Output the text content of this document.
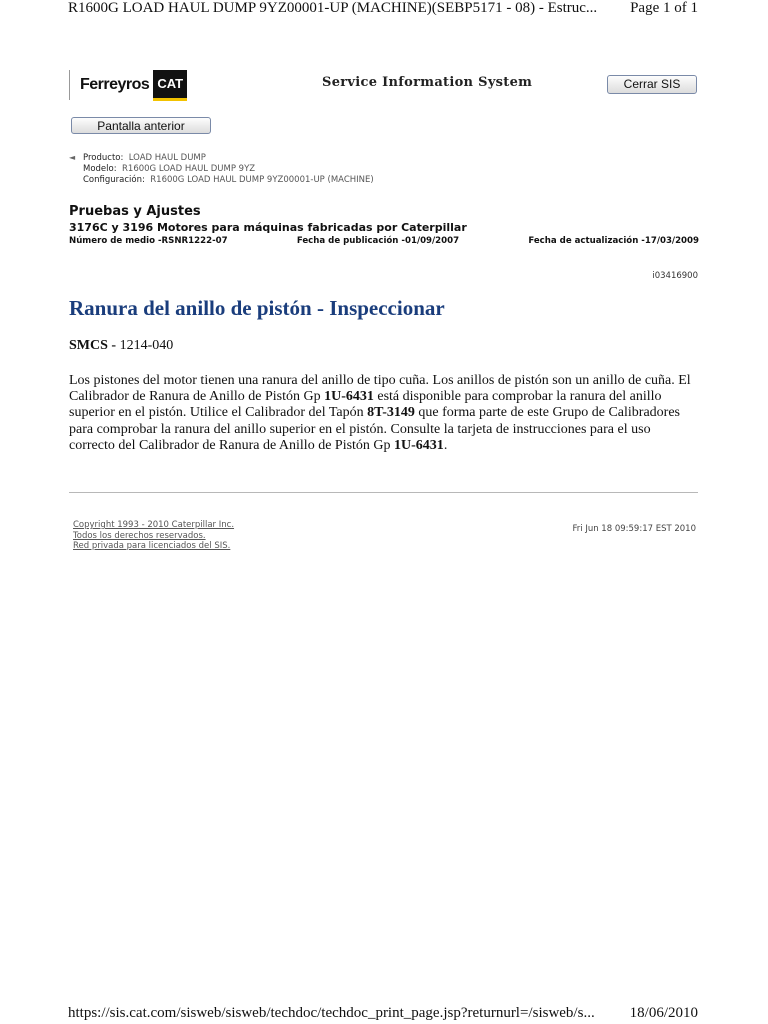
R1600G LOAD HAUL DUMP 9YZ00001-UP (MACHINE)(SEBP5171 - 08) - Estruc... Page 1 of 1
Ferreyros CAT	Service Information System	Cerrar SIS
Pantalla anterior
◄ Producto: LOAD HAUL DUMP
Modelo: R1600G LOAD HAUL DUMP 9YZ
Configuración: R1600G LOAD HAUL DUMP 9YZ00001-UP (MACHINE)
Pruebas y Ajustes
3176C y 3196 Motores para máquinas fabricadas por Caterpillar
Número de medio -RSNR1222-07	Fecha de publicación -01/09/2007	Fecha de actualización -17/03/2009
i03416900
Ranura del anillo de pistón - Inspeccionar
SMCS - 1214-040
Los pistones del motor tienen una ranura del anillo de tipo cuña. Los anillos de pistón son un anillo de cuña. El Calibrador de Ranura de Anillo de Pistón Gp 1U-6431 está disponible para comprobar la ranura del anillo superior en el pistón. Utilice el Calibrador del Tapón 8T-3149 que forma parte de este Grupo de Calibradores para comprobar la ranura del anillo superior en el pistón. Consulte la tarjeta de instrucciones para el uso correcto del Calibrador de Ranura de Anillo de Pistón Gp 1U-6431.
Copyright 1993 - 2010 Caterpillar Inc.
Todos los derechos reservados.
Red privada para licenciados del SIS.
Fri Jun 18 09:59:17 EST 2010
https://sis.cat.com/sisweb/sisweb/techdoc/techdoc_print_page.jsp?returnurl=/sisweb/s... 18/06/2010
